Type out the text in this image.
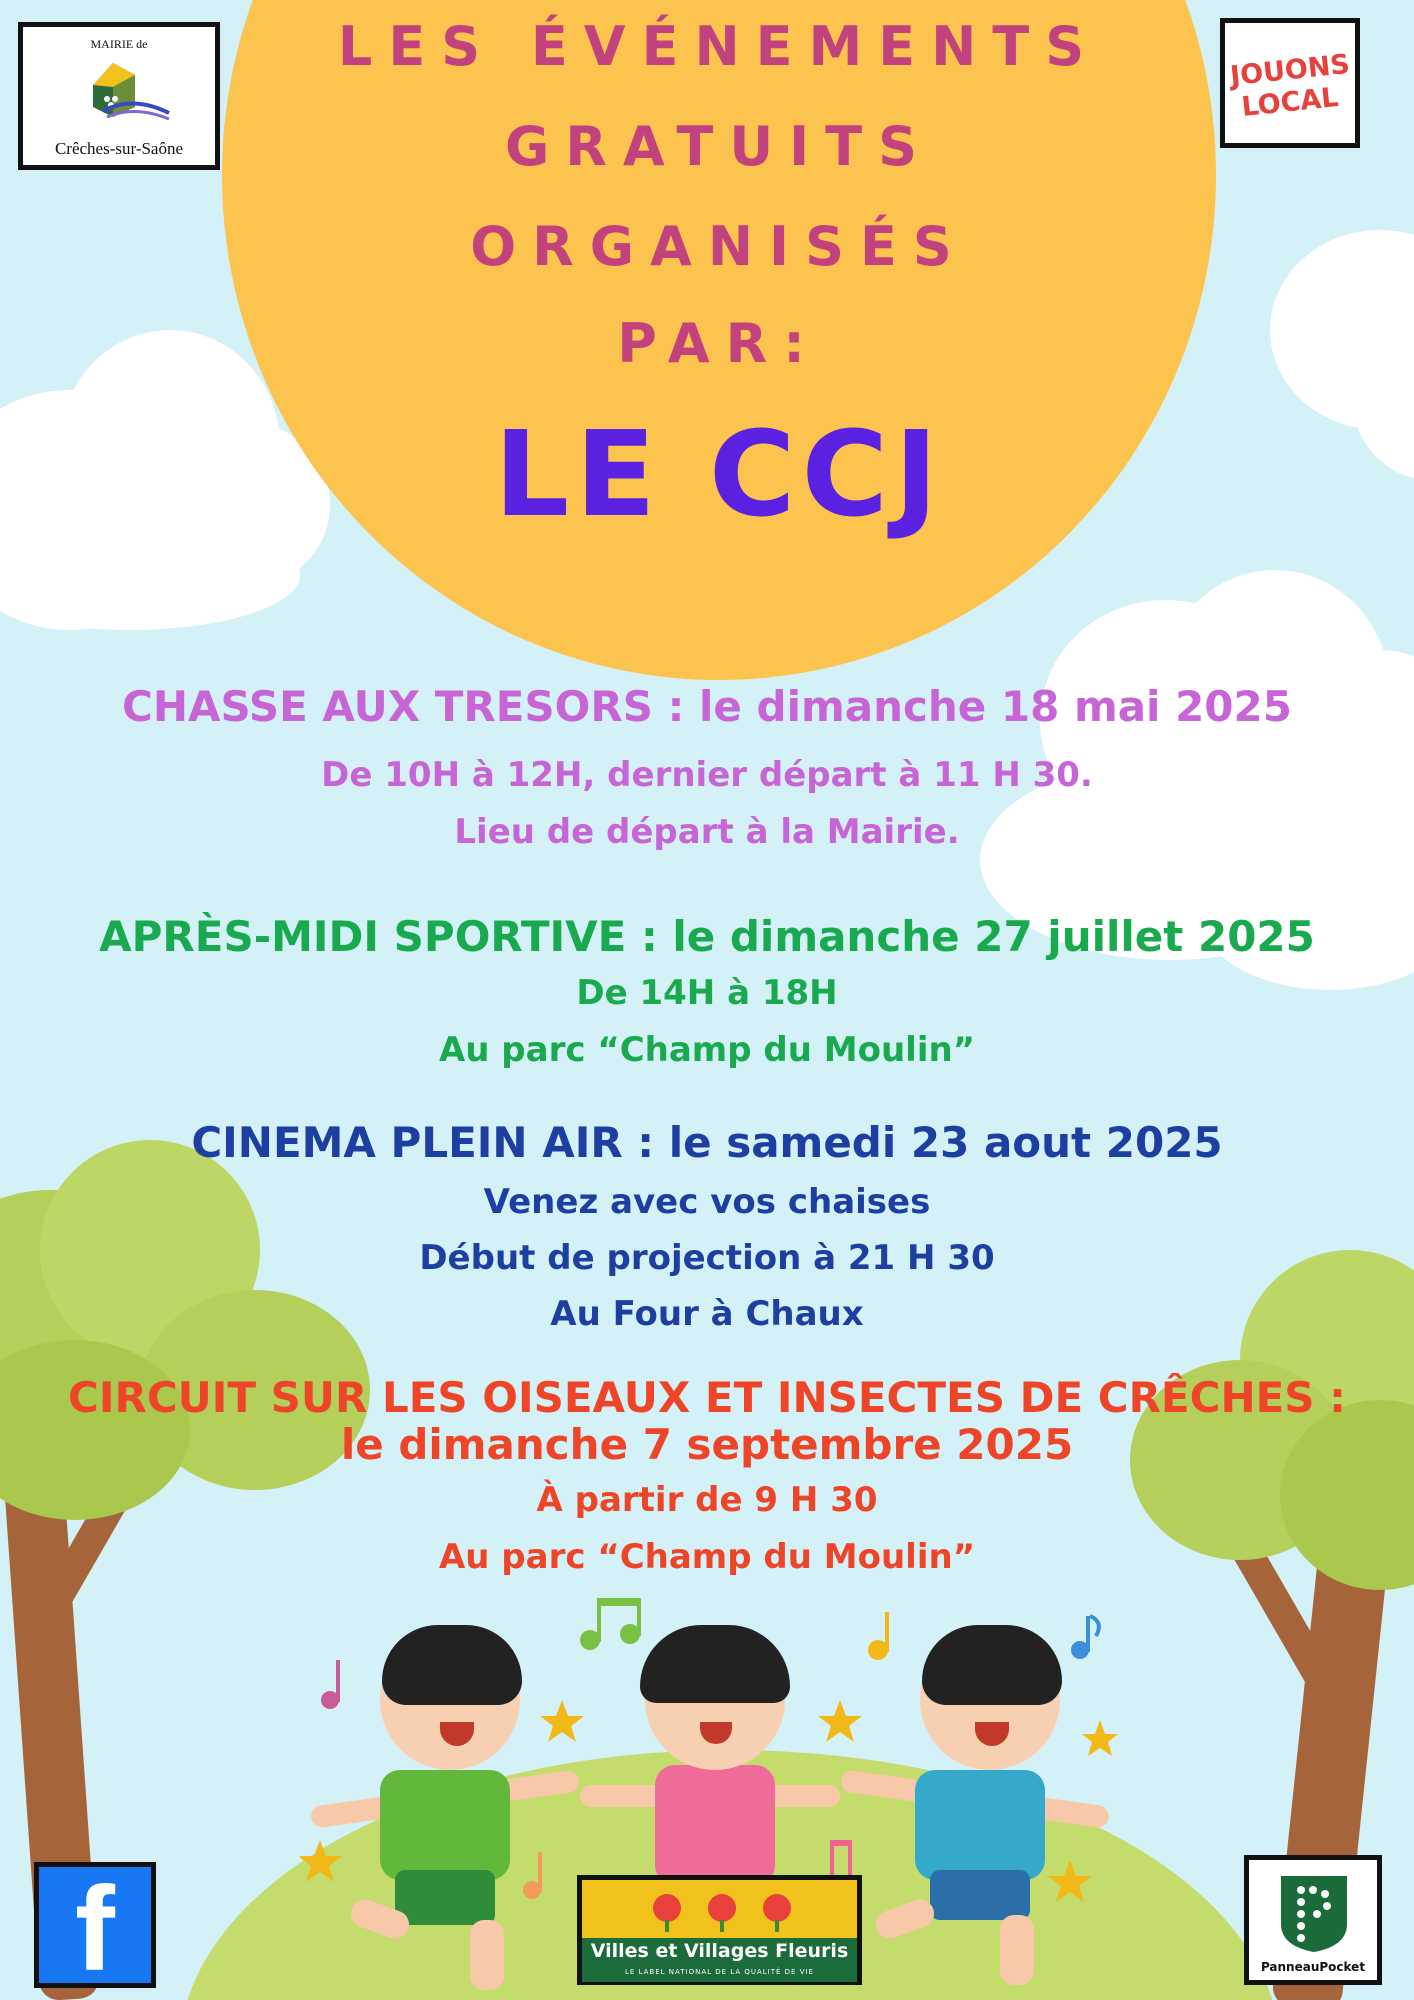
LES ÉVÉNEMENTS
GRATUITS
ORGANISÉS
PAR:
LE CCJ
MAIRIE de
Crêches-sur-Saône
JOUONS
LOCAL
CHASSE AUX TRESORS : le dimanche 18 mai 2025
De 10H à 12H, dernier départ à 11 H 30.
Lieu de départ à la Mairie.
APRÈS-MIDI SPORTIVE : le dimanche 27 juillet 2025
De 14H à 18H
Au parc “Champ du Moulin”
CINEMA PLEIN AIR : le samedi 23 aout 2025
Venez avec vos chaises
Début de projection à 21 H 30
Au Four à Chaux
CIRCUIT SUR LES OISEAUX ET INSECTES DE CRÊCHES :
le dimanche 7 septembre 2025
À partir de 9 H 30
Au parc “Champ du Moulin”
f	Villes et Villages Fleuris
LE LABEL NATIONAL DE LA QUALITÉ DE VIE	PanneauPocket
